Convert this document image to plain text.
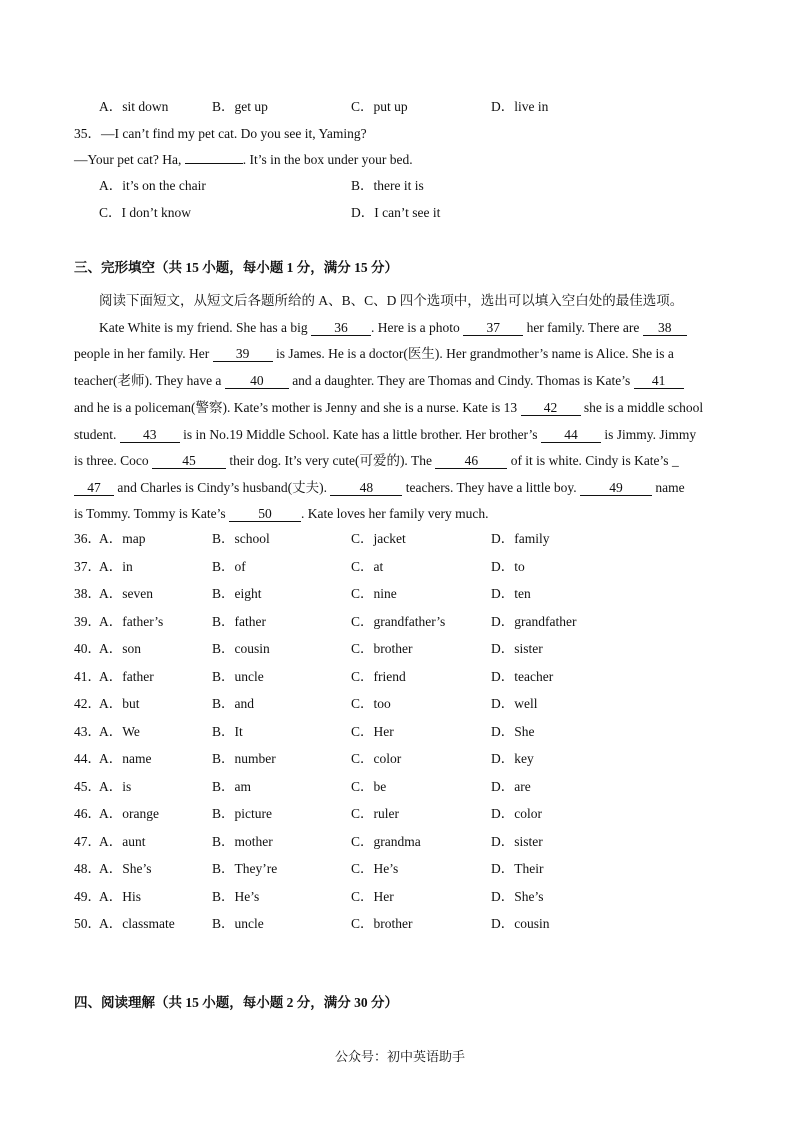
A．sit down	B．get up	C．put up	D．live in
35．—I can’t find my pet cat. Do you see it, Yaming?
—Your pet cat? Ha,	. It’s in the box under your bed.
A．it’s on the chair	B．there it is
C．I don’t know	D．I can’t see it
三、完形填空（共 15 小题，每小题 1 分，满分 15 分）
阅读下面短文，从短文后各题所给的 A、B、C、D 四个选项中，选出可以填入空白处的最佳选项。
Kate White is my friend. She has a big 36 . Here is a photo 37 her family. There are 38
people in her family. Her 39 is James. He is a doctor(医生). Her grandmother’s name is Alice. She is a
teacher(老师). They have a 40 and a daughter. They are Thomas and Cindy. Thomas is Kate’s 41
and he is a policeman(警察). Kate’s mother is Jenny and she is a nurse. Kate is 13 42 she is a middle school
student. 43 is in No.19 Middle School. Kate has a little brother. Her brother’s 44 is Jimmy. Jimmy
is three. Coco 45 their dog. It’s very cute(可爱的). The 46 of it is white. Cindy is Kate’s _
47 and Charles is Cindy’s husband(丈夫). 48 teachers. They have a little boy. 49 name
is Tommy. Tommy is Kate’s 50 . Kate loves her family very much.
36．
A．map	B．school	C．jacket	D．family
37．
A．in	B．of	C．at	D．to
38．
A．seven	B．eight	C．nine	D．ten
39．
A．father’s	B．father	C．grandfather’s	D．grandfather
40．
A．son	B．cousin	C．brother	D．sister
41．
A．father	B．uncle	C．friend	D．teacher
42．
A．but	B．and	C．too	D．well
43．
A．We	B．It	C．Her	D．She
44．
A．name	B．number	C．color	D．key
45．
A．is	B．am	C．be	D．are
46．
A．orange	B．picture	C．ruler	D．color
47．
A．aunt	B．mother	C．grandma	D．sister
48．
A．She’s	B．They’re	C．He’s	D．Their
49．
A．His	B．He’s	C．Her	D．She’s
50．
A．classmate	B．uncle	C．brother	D．cousin
四、阅读理解（共 15 小题，每小题 2 分，满分 30 分）
公众号：初中英语助手
